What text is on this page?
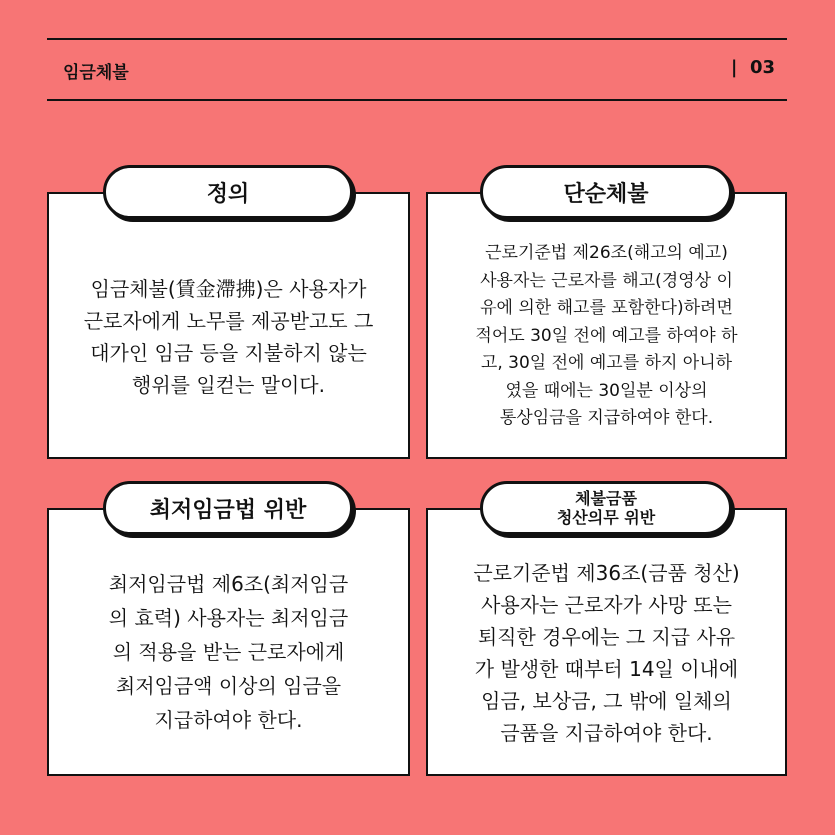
임금체불	|  03
임금체불(賃金滯拂)은 사용자가
근로자에게 노무를 제공받고도 그
대가인 임금 등을 지불하지 않는
행위를 일컫는 말이다.
정의
근로기준법 제26조(해고의 예고)
사용자는 근로자를 해고(경영상 이
유에 의한 해고를 포함한다)하려면
적어도 30일 전에 예고를 하여야 하
고, 30일 전에 예고를 하지 아니하
였을 때에는 30일분 이상의
통상임금을 지급하여야 한다.
단순체불
최저임금법 제6조(최저임금
의 효력) 사용자는 최저임금
의 적용을 받는 근로자에게
최저임금액 이상의 임금을
지급하여야 한다.
최저임금법 위반
근로기준법 제36조(금품 청산)
사용자는 근로자가 사망 또는
퇴직한 경우에는 그 지급 사유
가 발생한 때부터 14일 이내에
임금, 보상금, 그 밖에 일체의
금품을 지급하여야 한다.
체불금품
청산의무 위반
